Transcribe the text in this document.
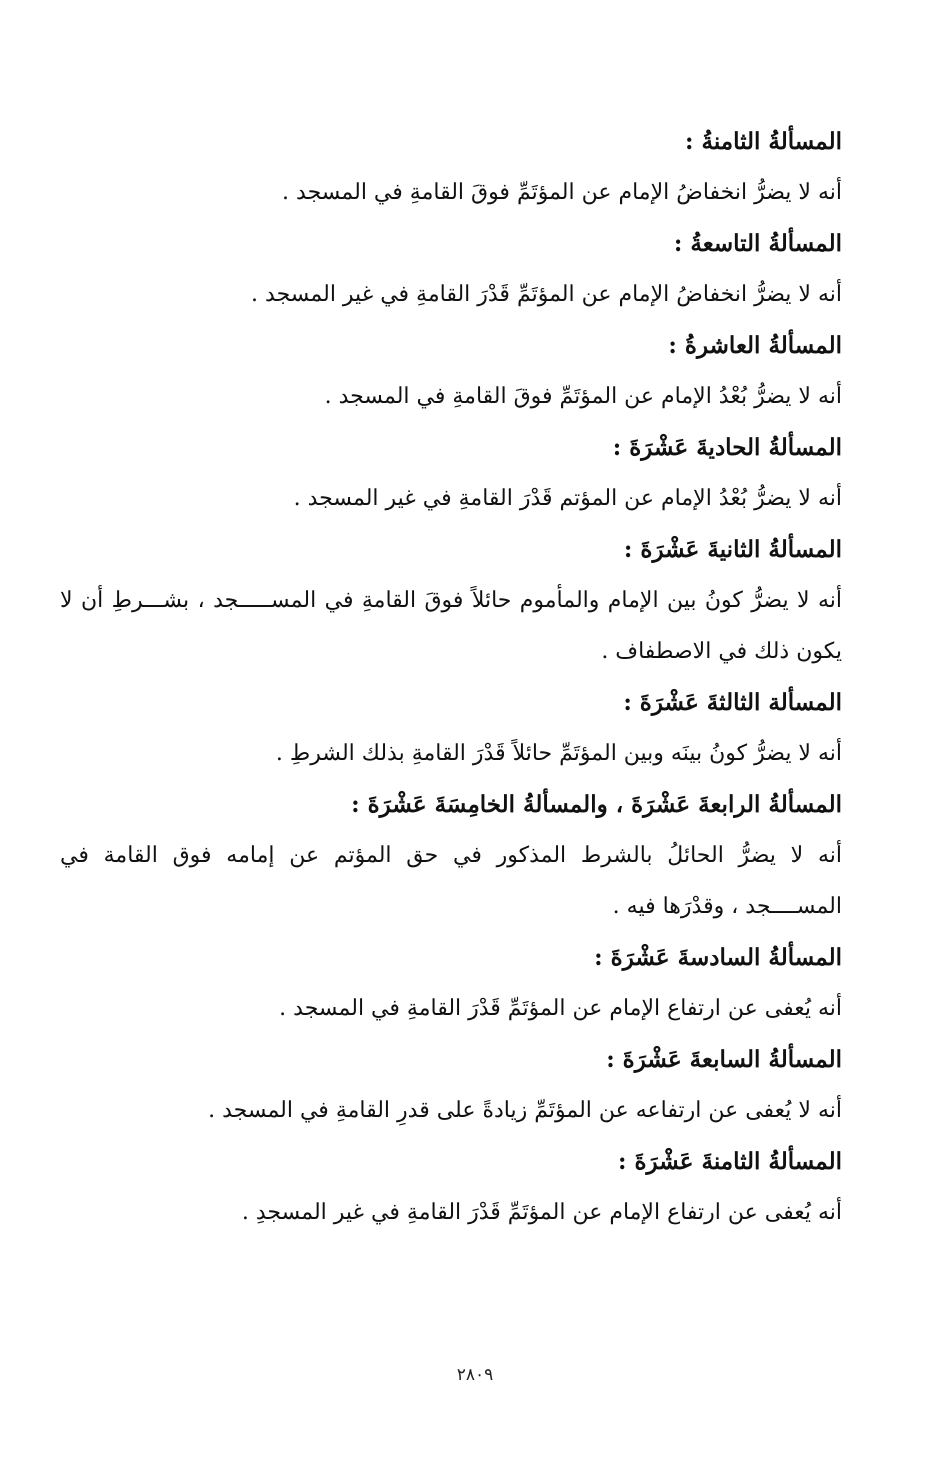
المسألةُ الثامنةُ :
أنه لا يضرُّ انخفاضُ الإمام عن المؤتَمِّ فوقَ القامةِ في المسجد .
المسألةُ التاسعةُ :
أنه لا يضرُّ انخفاضُ الإمام عن المؤتَمِّ قَدْرَ القامةِ في غير المسجد .
المسألةُ العاشرةُ :
أنه لا يضرُّ بُعْدُ الإمام عن المؤتَمِّ فوقَ القامةِ في المسجد .
المسألةُ الحاديةَ عَشْرَةَ :
أنه لا يضرُّ بُعْدُ الإمام عن المؤتم قَدْرَ القامةِ في غير المسجد .
المسألةُ الثانيةَ عَشْرَةَ :
أنه لا يضرُّ كونُ بين الإمام والمأموم حائلاً فوقَ القامةِ في المســـــجد ، بشـــرطِ أن لا يكون ذلك في الاصطفاف .
المسألة الثالثةَ عَشْرَةَ :
أنه لا يضرُّ كونُ بينَه وبين المؤتَمِّ حائلاً قَدْرَ القامةِ بذلك الشرطِ .
المسألةُ الرابعةَ عَشْرَةَ ، والمسألةُ الخامِسَةَ عَشْرَةَ :
أنه لا يضرُّ الحائلُ بالشرط المذكور في حق المؤتم عن إمامه فوق القامة في المســــجد ، وقدْرَها فيه .
المسألةُ السادسةَ عَشْرَةَ :
أنه يُعفى عن ارتفاع الإمام عن المؤتَمِّ قَدْرَ القامةِ في المسجد .
المسألةُ السابعةَ عَشْرَةَ :
أنه لا يُعفى عن ارتفاعه عن المؤتَمِّ زيادةً على قدرِ القامةِ في المسجد .
المسألةُ الثامنةَ عَشْرَةَ :
أنه يُعفى عن ارتفاع الإمام عن المؤتَمِّ قَدْرَ القامةِ في غير المسجدِ .
٢٨٠٩
